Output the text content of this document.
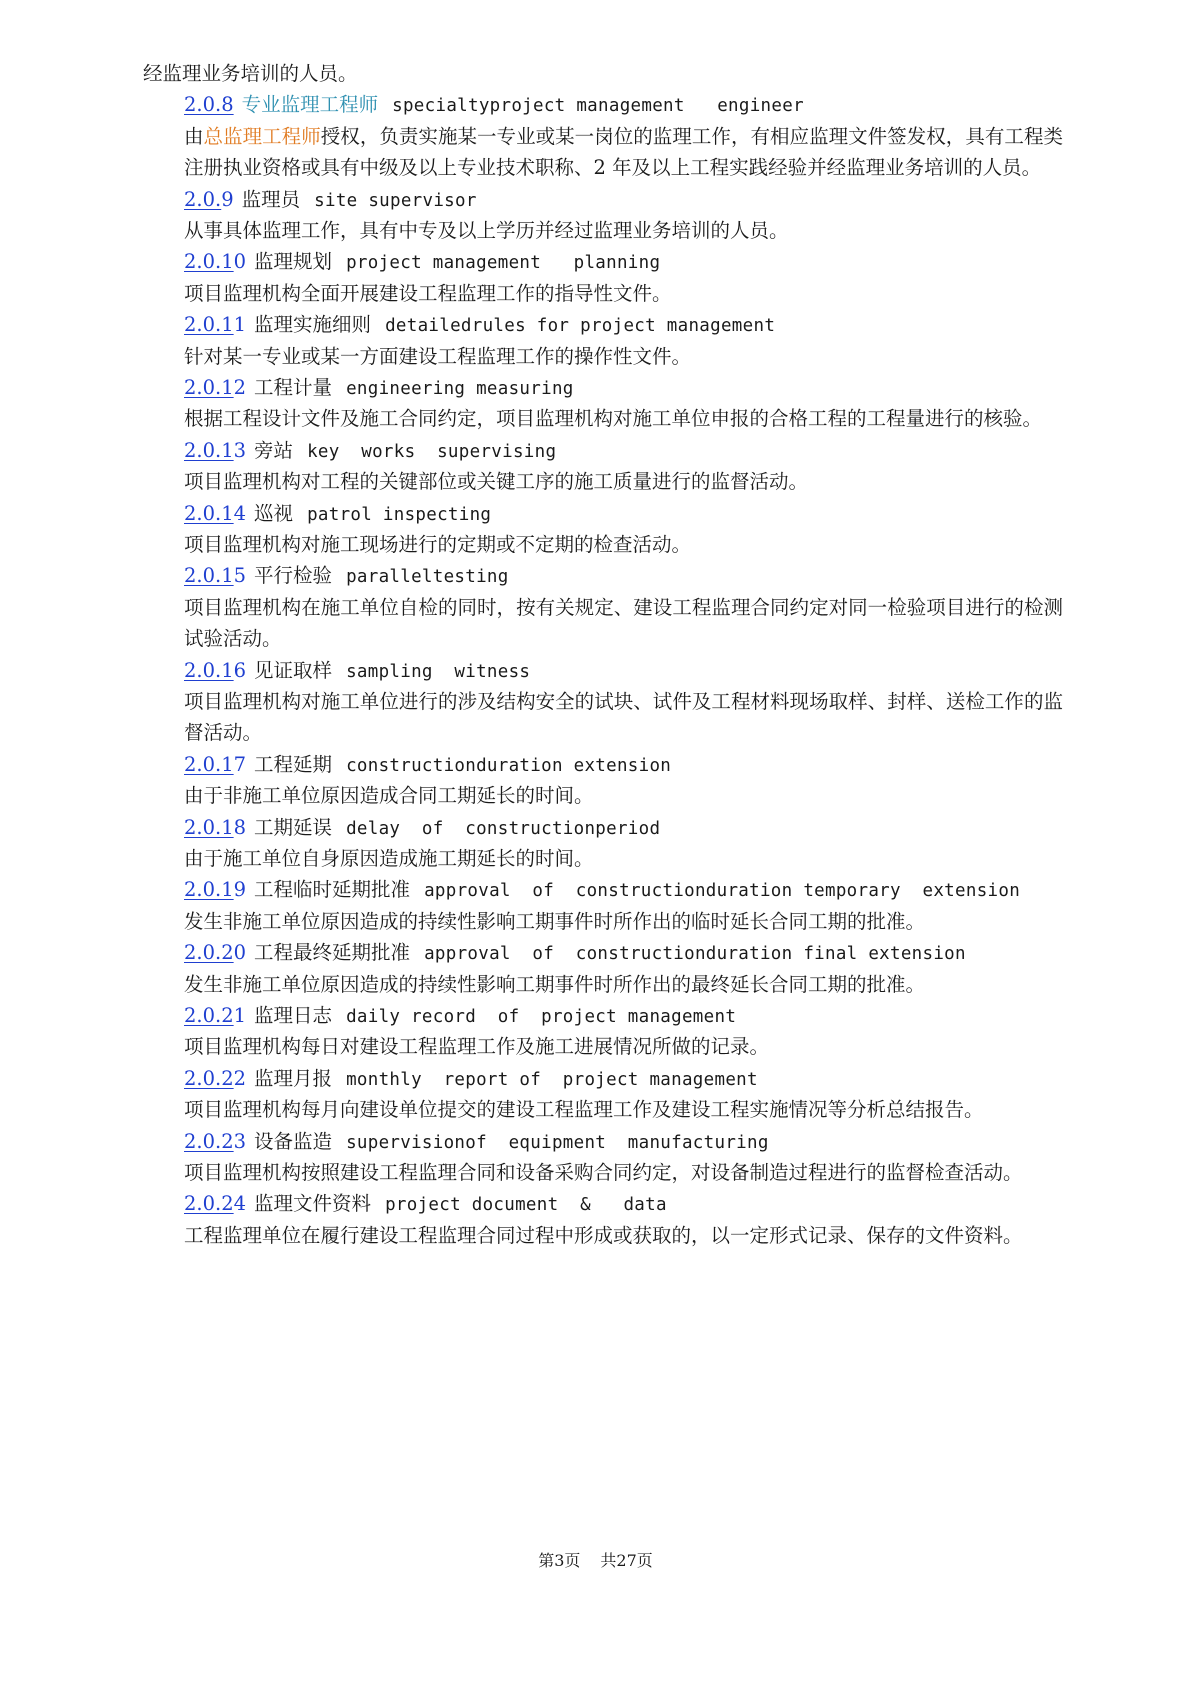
经监理业务培训的人员。
2.0.8 专业监理工程师 specialtyproject management   engineer
由总监理工程师授权，负责实施某一专业或某一岗位的监理工作，有相应监理文件签发权，具有工程类注册执业资格或具有中级及以上专业技术职称、2 年及以上工程实践经验并经监理业务培训的人员。
2.0.9 监理员 site supervisor
从事具体监理工作，具有中专及以上学历并经过监理业务培训的人员。
2.0.10 监理规划 project management   planning
项目监理机构全面开展建设工程监理工作的指导性文件。
2.0.11 监理实施细则 detailedrules for project management
针对某一专业或某一方面建设工程监理工作的操作性文件。
2.0.12 工程计量 engineering measuring
根据工程设计文件及施工合同约定，项目监理机构对施工单位申报的合格工程的工程量进行的核验。
2.0.13 旁站 key  works  supervising
项目监理机构对工程的关键部位或关键工序的施工质量进行的监督活动。
2.0.14 巡视 patrol inspecting
项目监理机构对施工现场进行的定期或不定期的检查活动。
2.0.15 平行检验 paralleltesting
项目监理机构在施工单位自检的同时，按有关规定、建设工程监理合同约定对同一检验项目进行的检测试验活动。
2.0.16 见证取样 sampling  witness
项目监理机构对施工单位进行的涉及结构安全的试块、试件及工程材料现场取样、封样、送检工作的监督活动。
2.0.17 工程延期 constructionduration extension
由于非施工单位原因造成合同工期延长的时间。
2.0.18 工期延误 delay  of  constructionperiod
由于施工单位自身原因造成施工期延长的时间。
2.0.19 工程临时延期批准 approval  of  constructionduration temporary  extension
发生非施工单位原因造成的持续性影响工期事件时所作出的临时延长合同工期的批准。
2.0.20 工程最终延期批准 approval  of  constructionduration final extension
发生非施工单位原因造成的持续性影响工期事件时所作出的最终延长合同工期的批准。
2.0.21 监理日志 daily record  of  project management
项目监理机构每日对建设工程监理工作及施工进展情况所做的记录。
2.0.22 监理月报 monthly  report of  project management
项目监理机构每月向建设单位提交的建设工程监理工作及建设工程实施情况等分析总结报告。
2.0.23 设备监造 supervisionof  equipment  manufacturing
项目监理机构按照建设工程监理合同和设备采购合同约定，对设备制造过程进行的监督检查活动。
2.0.24 监理文件资料 project document  &   data
工程监理单位在履行建设工程监理合同过程中形成或获取的，以一定形式记录、保存的文件资料。
第3页 共27页
